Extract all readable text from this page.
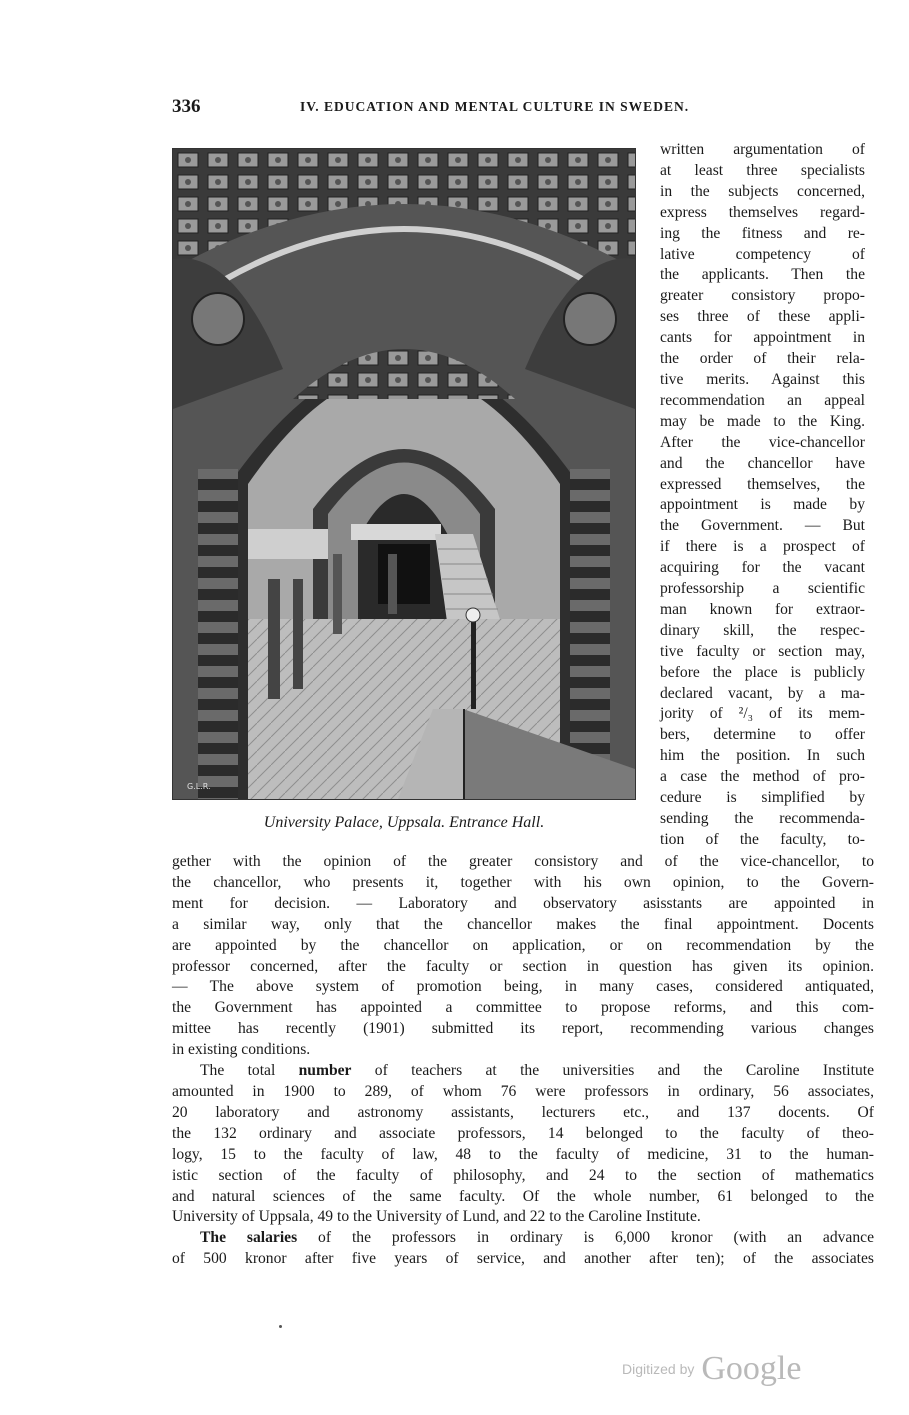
336	IV. EDUCATION AND MENTAL CULTURE IN SWEDEN.
G.L.R.
University Palace, Uppsala. Entrance Hall.
written argumentation of
at least three specialists
in the subjects concerned,
express themselves regard-
ing the fitness and re-
lative competency of
the applicants. Then the
greater consistory propo-
ses three of these appli-
cants for appointment in
the order of their rela-
tive merits. Against this
recommendation an appeal
may be made to the King.
After the vice-chancellor
and the chancellor have
expressed themselves, the
appointment is made by
the Government. — But
if there is a prospect of
acquiring for the vacant
professorship a scientific
man known for extraor-
dinary skill, the respec-
tive faculty or section may,
before the place is publicly
declared vacant, by a ma-
jority of ²/₃ of its mem-
bers, determine to offer
him the position. In such
a case the method of pro-
cedure is simplified by
sending the recommenda-
tion of the faculty, to-
gether with the opinion of the greater consistory and of the vice-chancellor, to
the chancellor, who presents it, together with his own opinion, to the Govern-
ment for decision. — Laboratory and observatory asisstants are appointed in
a similar way, only that the chancellor makes the final appointment. Docents
are appointed by the chancellor on application, or on recommendation by the
professor concerned, after the faculty or section in question has given its opinion.
— The above system of promotion being, in many cases, considered antiquated,
the Government has appointed a committee to propose reforms, and this com-
mittee has recently (1901) submitted its report, recommending various changes
in existing conditions.
The total number of teachers at the universities and the Caroline Institute
amounted in 1900 to 289, of whom 76 were professors in ordinary, 56 associates,
20 laboratory and astronomy assistants, lecturers etc., and 137 docents. Of
the 132 ordinary and associate professors, 14 belonged to the faculty of theo-
logy, 15 to the faculty of law, 48 to the faculty of medicine, 31 to the human-
istic section of the faculty of philosophy, and 24 to the section of mathematics
and natural sciences of the same faculty. Of the whole number, 61 belonged to the
University of Uppsala, 49 to the University of Lund, and 22 to the Caroline Institute.
The salaries of the professors in ordinary is 6,000 kronor (with an advance
of 500 kronor after five years of service, and another after ten); of the associates
Digitized by Google
